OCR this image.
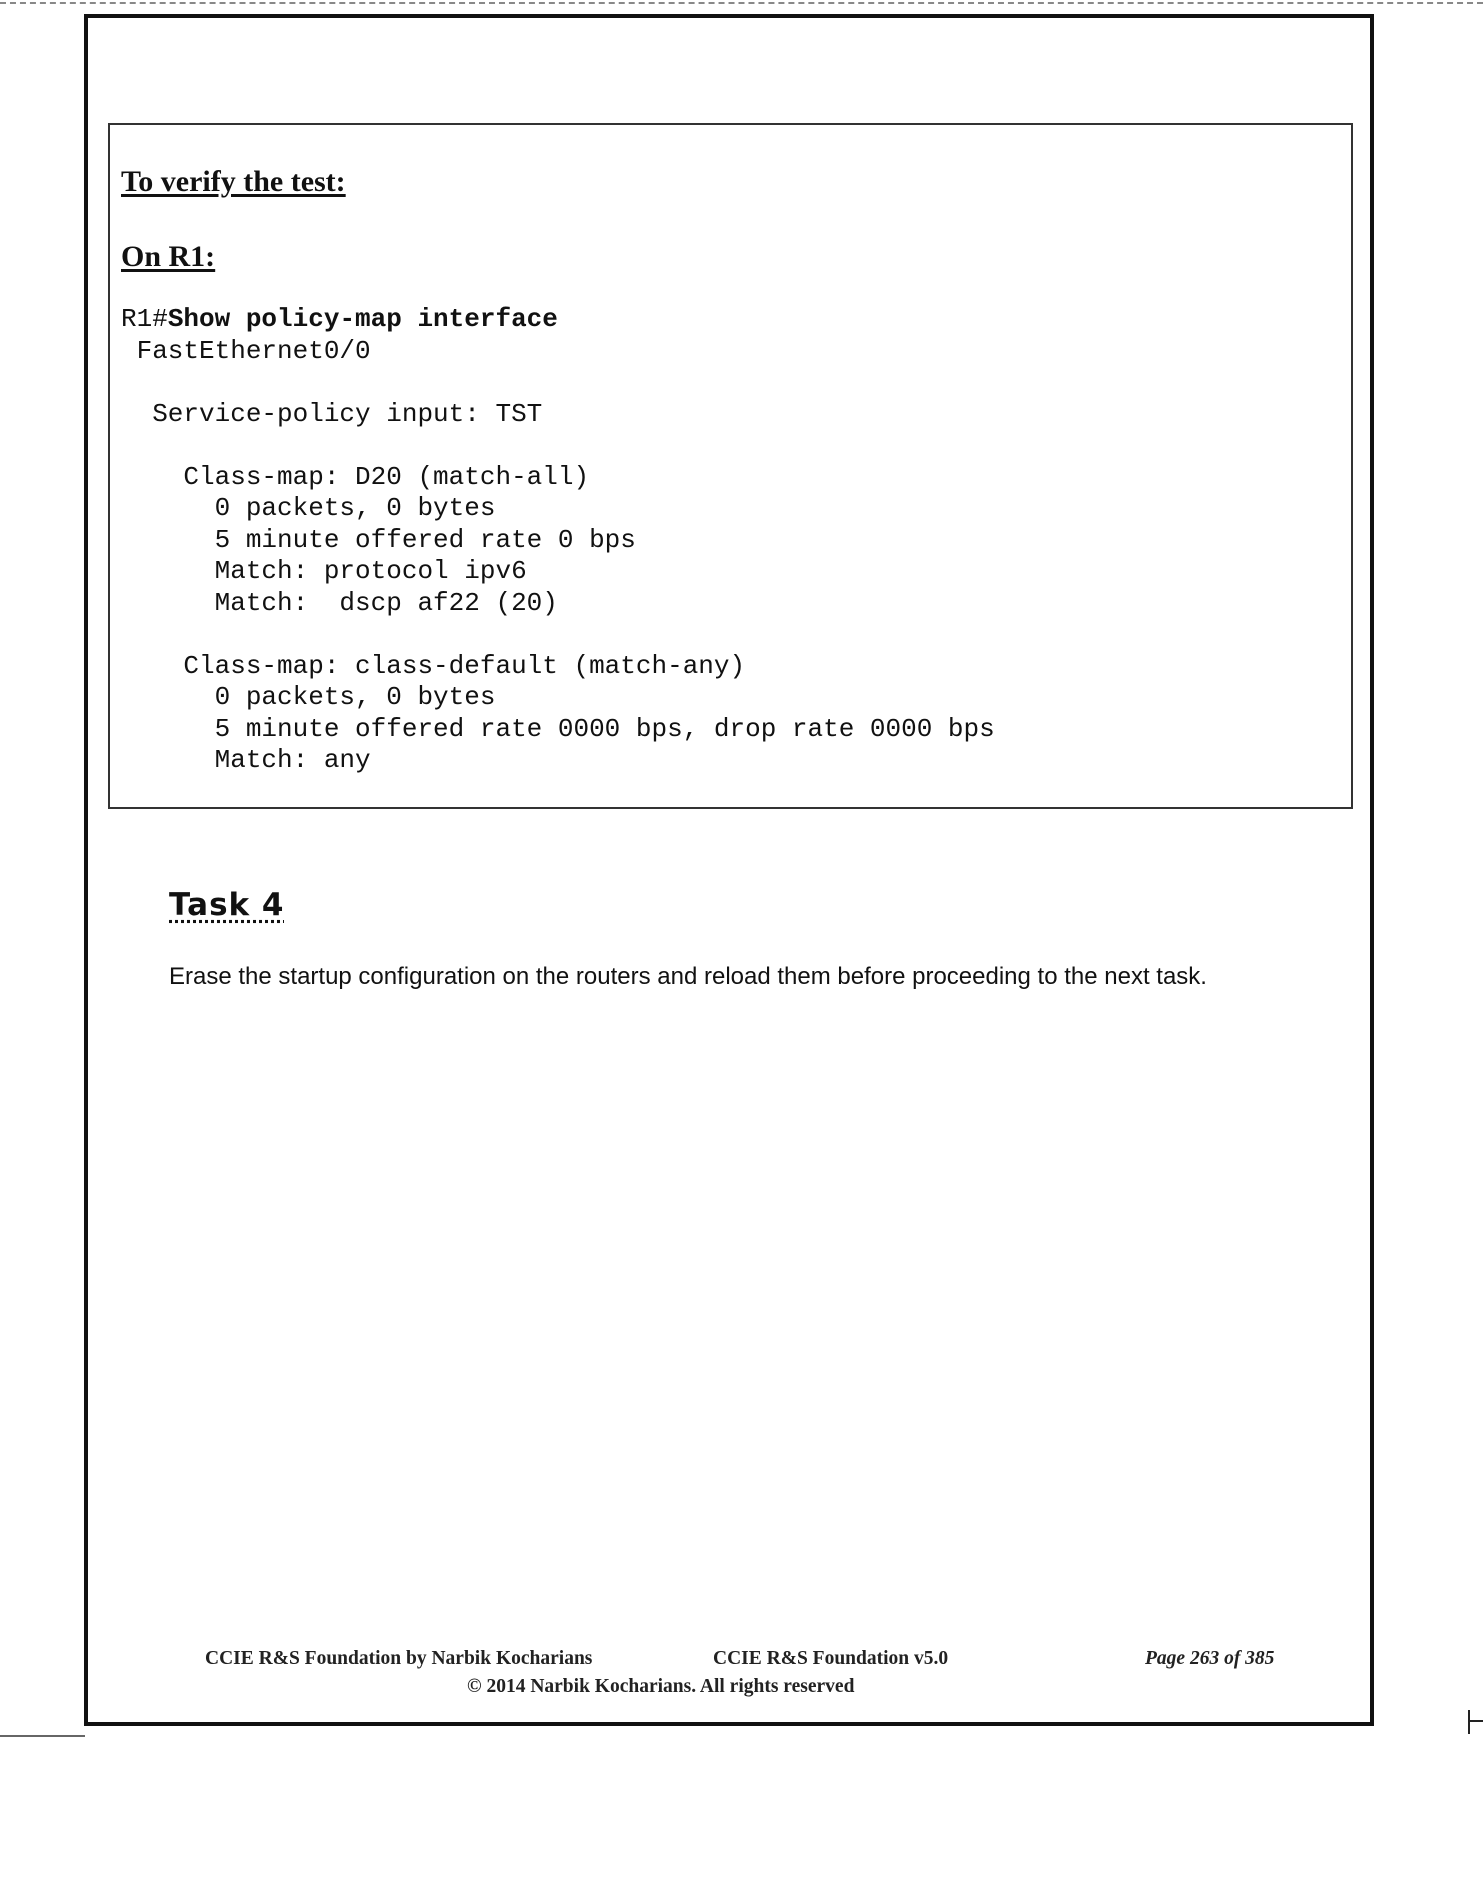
To verify the test:
On R1:
R1#Show policy-map interface
FastEthernet0/0
Service-policy input: TST
Class-map: D20 (match-all)
0 packets, 0 bytes
5 minute offered rate 0 bps
Match: protocol ipv6
Match:  dscp af22 (20)
Class-map: class-default (match-any)
0 packets, 0 bytes
5 minute offered rate 0000 bps, drop rate 0000 bps
Match: any
Task 4

Erase the startup configuration on the routers and reload them before proceeding to the next task.

CCIE R&S Foundation by Narbik Kocharians	CCIE R&S Foundation v5.0	Page 263 of 385
© 2014 Narbik Kocharians. All rights reserved
